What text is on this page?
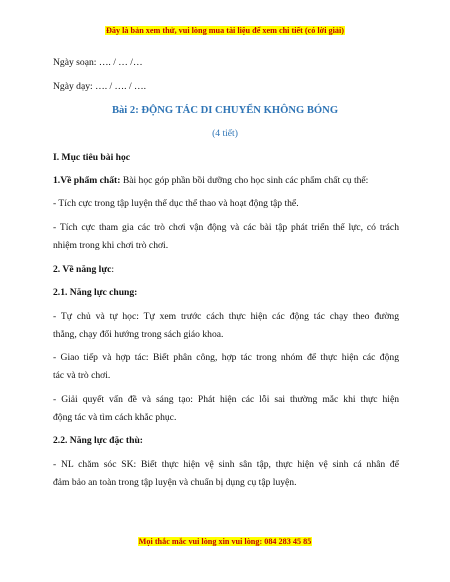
Đây là bản xem thử, vui lòng mua tài liệu để xem chi tiết (có lời giải)
Ngày soạn: …. / … /…
Ngày dạy: …. / …. / ….
Bài 2: ĐỘNG TÁC DI CHUYỂN KHÔNG BÓNG
(4 tiết)
I. Mục tiêu bài học
1.Về phẩm chất: Bài học góp phần bồi dưỡng cho học sinh các phẩm chất cụ thể:
- Tích cực trong tập luyện thể dục thể thao và hoạt động tập thể.
- Tích cực tham gia các trò chơi vận động và các bài tập phát triển thể lực, có trách
nhiệm trong khi chơi trò chơi.
2. Về năng lực:
2.1. Năng lực chung:
- Tự chủ và tự học: Tự xem trước cách thực hiện các động tác chạy theo đường
thẳng, chạy đổi hướng trong sách giáo khoa.
- Giao tiếp và hợp tác: Biết phân công, hợp tác trong nhóm để thực hiện các động
tác và trò chơi.
- Giải quyết vấn đề và sáng tạo: Phát hiện các lỗi sai thường mắc khi thực hiện
động tác và tìm cách khắc phục.
2.2. Năng lực đặc thù:
- NL chăm sóc SK: Biết thực hiện vệ sinh sân tập, thực hiện vệ sinh cá nhân để
đảm bảo an toàn trong tập luyện và chuẩn bị dụng cụ tập luyện.
Mọi thắc mắc vui lòng xin vui lòng: 084 283 45 85
